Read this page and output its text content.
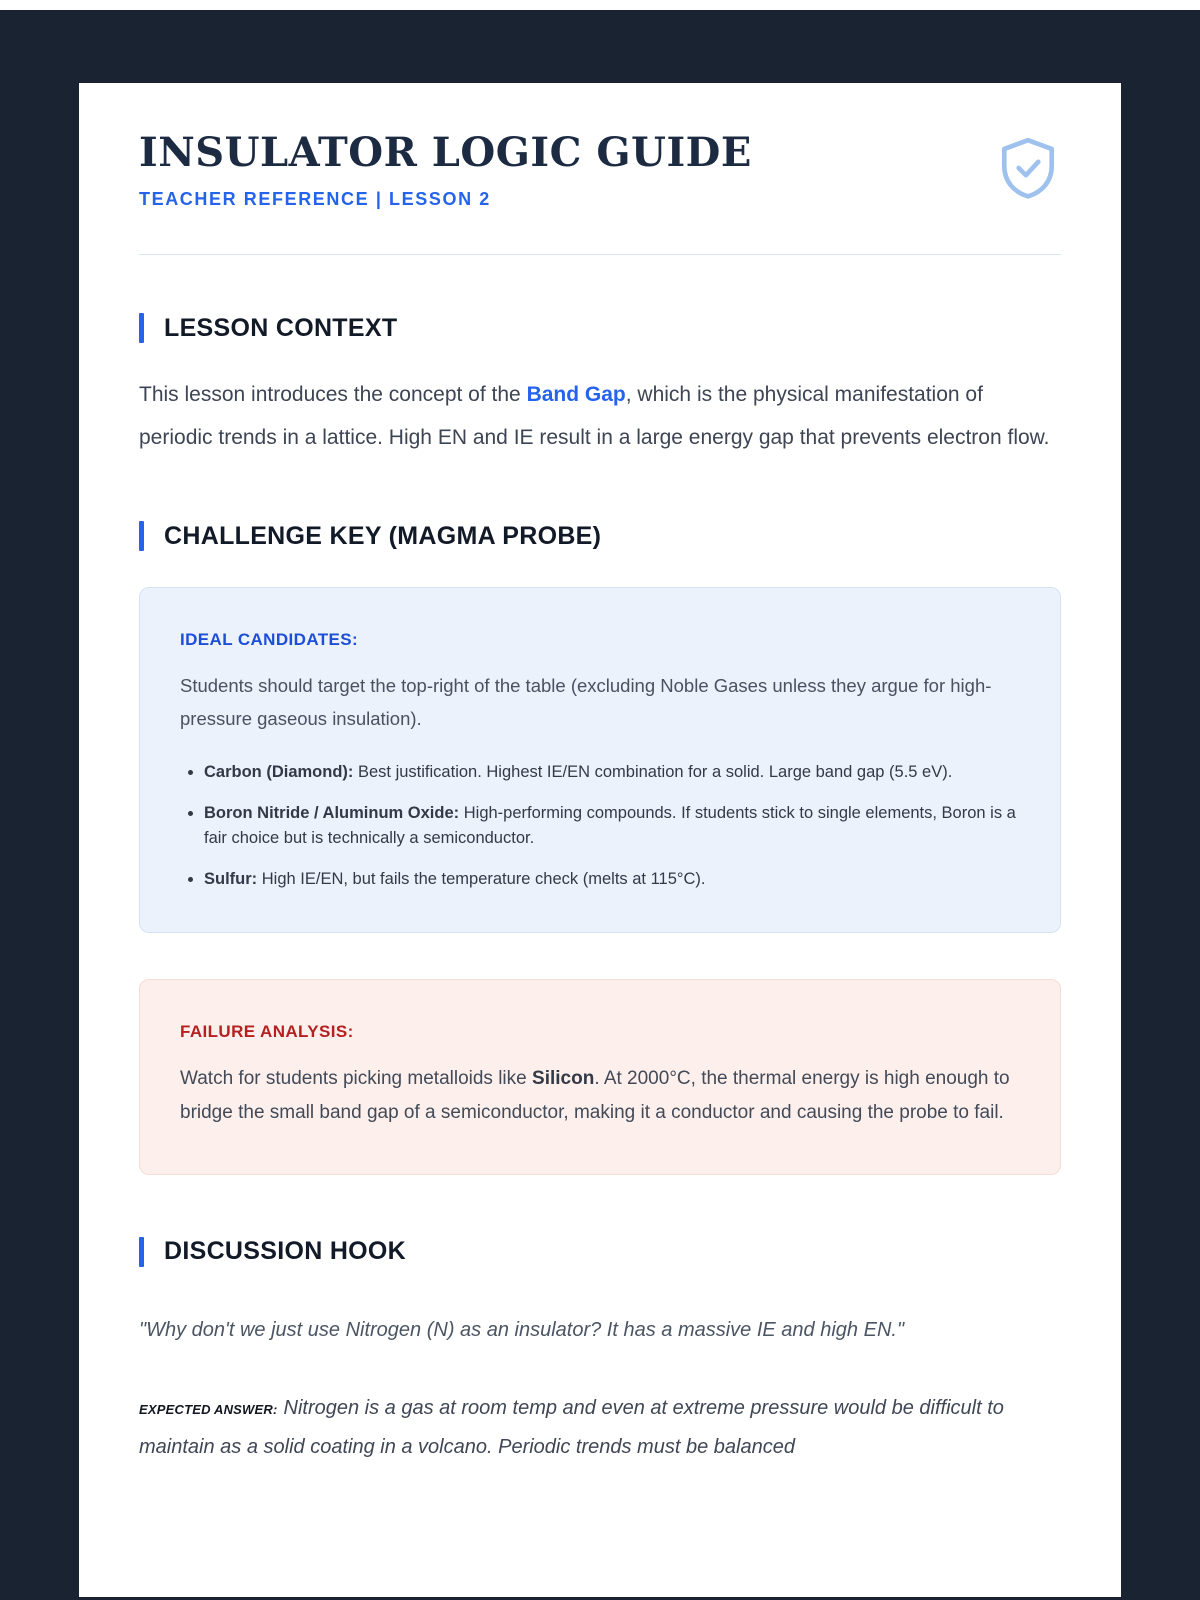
INSULATOR LOGIC GUIDE
TEACHER REFERENCE | LESSON 2
LESSON CONTEXT

This lesson introduces the concept of the Band Gap, which is the physical manifestation of periodic trends in a lattice. High EN and IE result in a large energy gap that prevents electron flow.

CHALLENGE KEY (MAGMA PROBE)
IDEAL CANDIDATES:

Students should target the top-right of the table (excluding Noble Gases unless they argue for high-pressure gaseous insulation).

• Carbon (Diamond): Best justification. Highest IE/EN combination for a solid. Large band gap (5.5 eV).
• Boron Nitride / Aluminum Oxide: High-performing compounds. If students stick to single elements, Boron is a fair choice but is technically a semiconductor.
• Sulfur: High IE/EN, but fails the temperature check (melts at 115°C).
FAILURE ANALYSIS:

Watch for students picking metalloids like Silicon. At 2000°C, the thermal energy is high enough to bridge the small band gap of a semiconductor, making it a conductor and causing the probe to fail.

DISCUSSION HOOK

"Why don't we just use Nitrogen (N) as an insulator? It has a massive IE and high EN."

EXPECTED ANSWER: Nitrogen is a gas at room temp and even at extreme pressure would be difficult to maintain as a solid coating in a volcano. Periodic trends must be balanced
